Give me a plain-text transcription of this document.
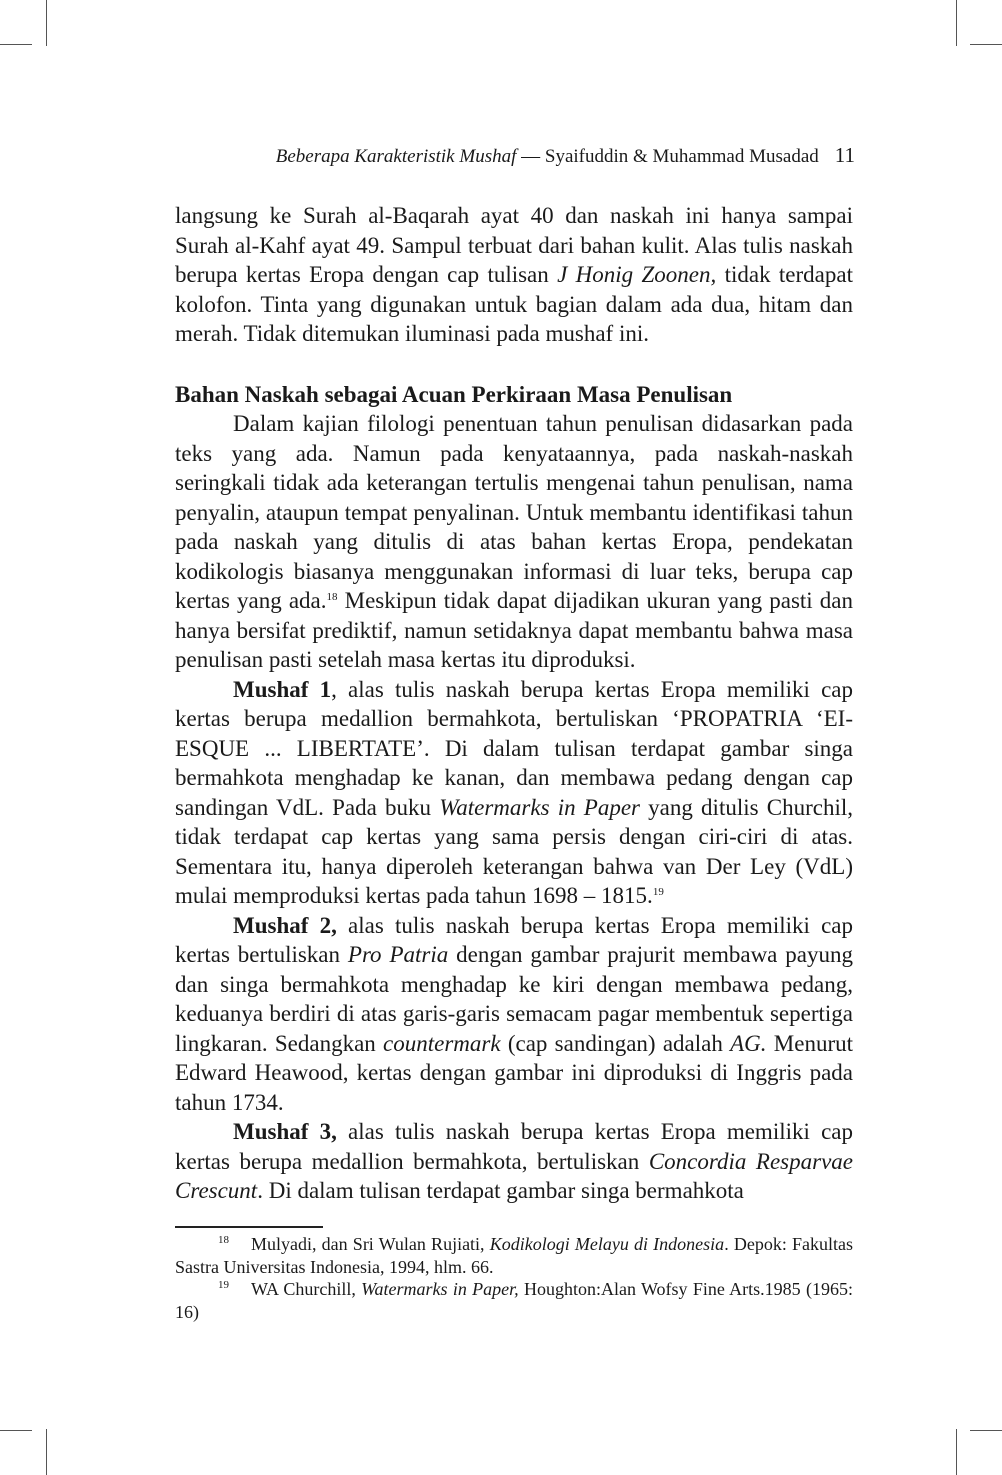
Beberapa Karakteristik Mushaf — Syaifuddin & Muhammad Musadad 11

langsung ke Surah al-Baqarah ayat 40 dan naskah ini hanya sampai Surah al-Kahf ayat 49. Sampul terbuat dari bahan kulit. Alas tulis naskah berupa kertas Eropa dengan cap tulisan J Honig Zoonen, tidak terdapat kolofon. Tinta yang digunakan untuk bagian dalam ada dua, hitam dan merah. Tidak ditemukan iluminasi pada mushaf ini.

Bahan Naskah sebagai Acuan Perkiraan Masa Penulisan

Dalam kajian filologi penentuan tahun penulisan didasarkan pada teks yang ada. Namun pada kenyataannya, pada naskah-naskah seringkali tidak ada keterangan tertulis mengenai tahun penulisan, nama penyalin, ataupun tempat penyalinan. Untuk membantu identifikasi tahun pada naskah yang ditulis di atas bahan kertas Eropa, pendekatan kodikologis biasanya menggunakan informasi di luar teks, berupa cap kertas yang ada.$^{18}$ Meskipun tidak dapat dijadikan ukuran yang pasti dan hanya bersifat prediktif, namun setidaknya dapat membantu bahwa masa penulisan pasti setelah masa kertas itu diproduksi.

Mushaf 1, alas tulis naskah berupa kertas Eropa memiliki cap kertas berupa medallion bermahkota, bertuliskan ‘PROPATRIA ‘EIESQUE ... LIBERTATE’. Di dalam tulisan terdapat gambar singa bermahkota menghadap ke kanan, dan membawa pedang dengan cap sandingan VdL. Pada buku Watermarks in Paper yang ditulis Churchil, tidak terdapat cap kertas yang sama persis dengan ciri-ciri di atas. Sementara itu, hanya diperoleh keterangan bahwa van Der Ley (VdL) mulai memproduksi kertas pada tahun 1698 – 1815.19

Mushaf 2, alas tulis naskah berupa kertas Eropa memiliki cap kertas bertuliskan Pro Patria dengan gambar prajurit membawa payung dan singa bermahkota menghadap ke kiri dengan membawa pedang, keduanya berdiri di atas garis-garis semacam pagar membentuk sepertiga lingkaran. Sedangkan countermark (cap sandingan) adalah AG. Menurut Edward Heawood, kertas dengan gambar ini diproduksi di Inggris pada tahun 1734.

Mushaf 3, alas tulis naskah berupa kertas Eropa memiliki cap kertas berupa medallion bermahkota, bertuliskan Concordia Resparvae Crescunt. Di dalam tulisan terdapat gambar singa bermahkota

$^{18}$ Mulyadi, dan Sri Wulan Rujiati, Kodikologi Melayu di Indonesia. Depok: Fakultas Sastra Universitas Indonesia, 1994, hlm. 66.

$^{19}$ WA Churchill, Watermarks in Paper, Houghton:Alan Wofsy Fine Arts.1985 (1965: 16)
